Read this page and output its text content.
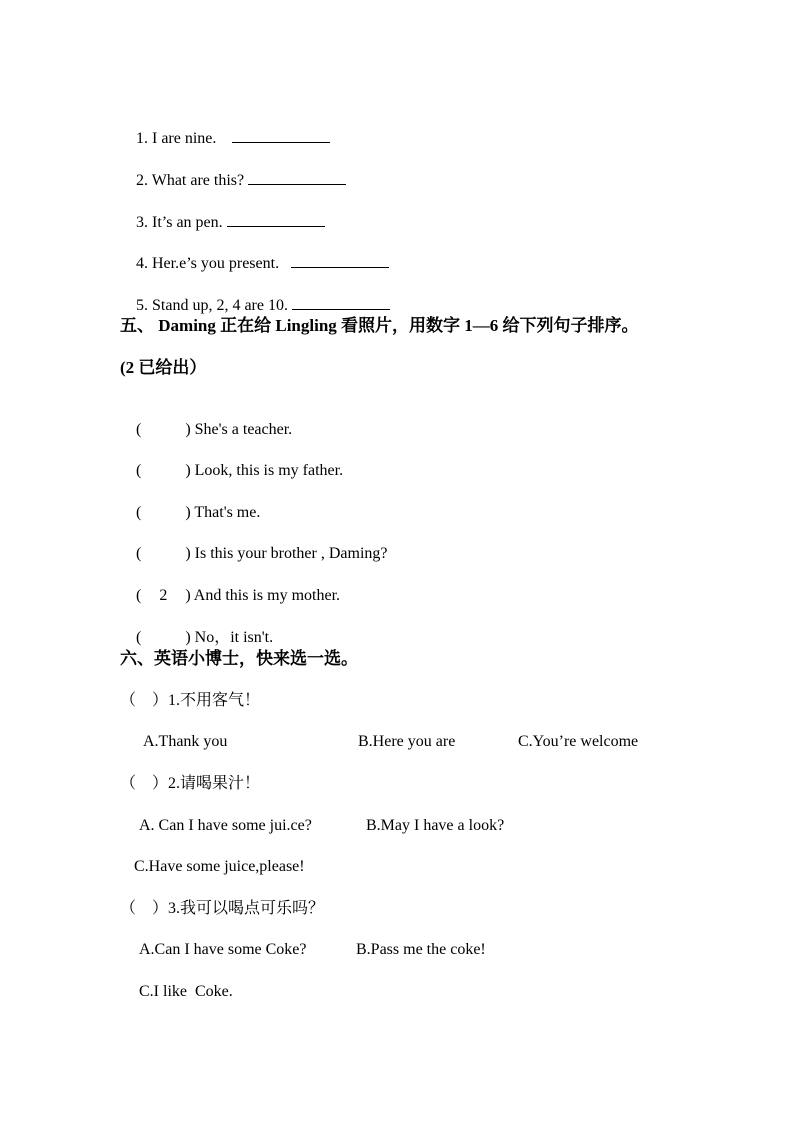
1. I are nine.

2. What are this?

3. It’s an pen.

4. Her.e’s you present.

5. Stand up, 2, 4 are 10.

五、 Daming 正在给 Lingling 看照片，用数字 1—6 给下列句子排序。
(2 已给出）

(	) She's a teacher.

(	) Look, this is my father.

(	) That's me.

(	) Is this your brother , Daming?

( 2 ) And this is my mother.

(	) No，it isn't.

六、英语小博士，快来选一选。
（    ）1.不用客气！
A.Thank you	B.Here you are	C.You’re welcome
（    ）2.请喝果汁！
A. Can I have some jui.ce?	B.May I have a look?
C.Have some juice,please!
（    ）3.我可以喝点可乐吗？
A.Can I have some Coke?	B.Pass me the coke!
C.I like  Coke.
